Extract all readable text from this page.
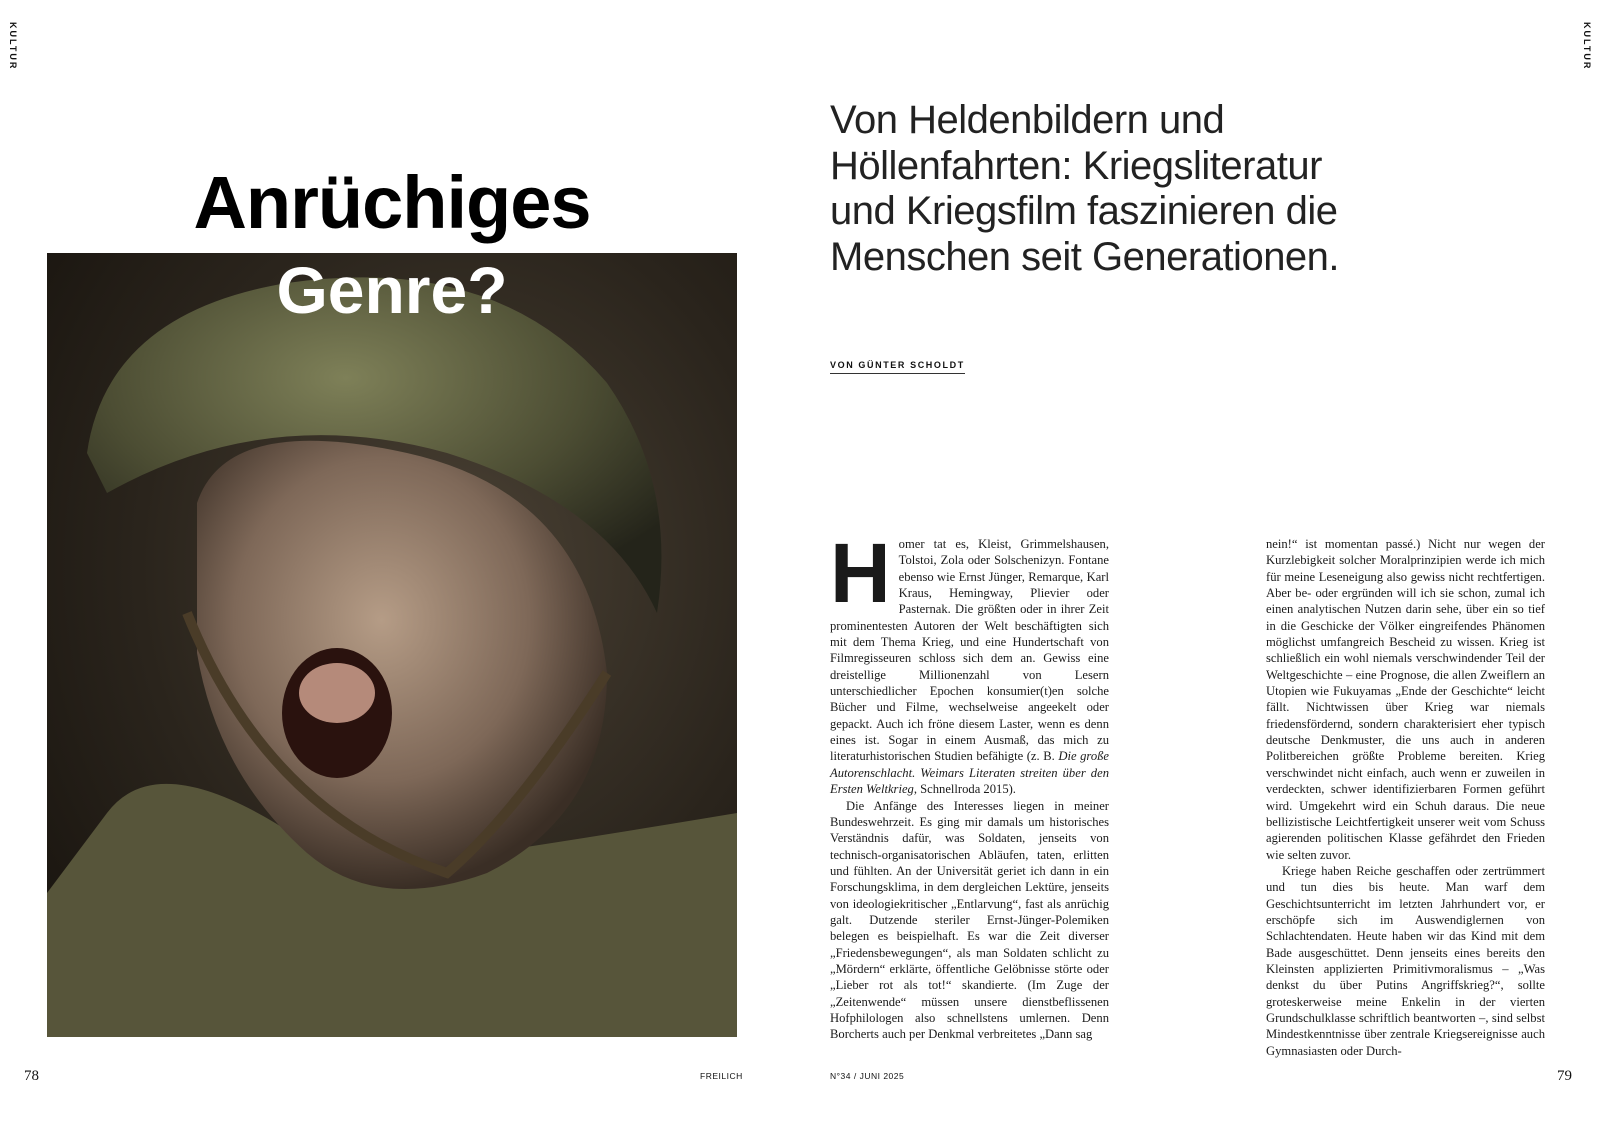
KULTUR	KULTUR
Anrüchiges
Genre?
Von Heldenbildern und Höllenfahrten: Kriegsliteratur und Kriegsfilm faszinieren die Menschen seit Generationen.
VON GÜNTER SCHOLDT

Homer tat es, Kleist, Grimmelshausen, Tolstoi, Zola oder Solschenizyn. Fontane ebenso wie Ernst Jünger, Remarque, Karl Kraus, Hemingway, Plievier oder Pasternak. Die größten oder in ihrer Zeit prominentesten Autoren der Welt beschäftigten sich mit dem Thema Krieg, und eine Hundertschaft von Filmregisseuren schloss sich dem an. Gewiss eine dreistellige Millionenzahl von Lesern unterschiedlicher Epochen konsumier(t)en solche Bücher und Filme, wechselweise angeekelt oder gepackt. Auch ich fröne diesem Laster, wenn es denn eines ist. Sogar in einem Ausmaß, das mich zu literaturhistorischen Studien befähigte (z. B. Die große Autorenschlacht. Weimars Literaten streiten über den Ersten Weltkrieg, Schnellroda 2015).

Die Anfänge des Interesses liegen in meiner Bundeswehrzeit. Es ging mir damals um historisches Verständnis dafür, was Soldaten, jenseits von technisch-organisatorischen Abläufen, taten, erlitten und fühlten. An der Universität geriet ich dann in ein Forschungsklima, in dem dergleichen Lektüre, jenseits von ideologiekritischer „Entlarvung“, fast als anrüchig galt. Dutzende steriler Ernst-Jünger-Polemiken belegen es beispielhaft. Es war die Zeit diverser „Friedensbewegungen“, als man Soldaten schlicht zu „Mördern“ erklärte, öffentliche Gelöbnisse störte oder „Lieber rot als tot!“ skandierte. (Im Zuge der „Zeitenwende“ müssen unsere dienstbeflissenen Hofphilologen also schnellstens umlernen. Denn Borcherts auch per Denkmal verbreitetes „Dann sag

nein!“ ist momentan passé.) Nicht nur wegen der Kurzlebigkeit solcher Moralprinzipien werde ich mich für meine Leseneigung also gewiss nicht rechtfertigen. Aber be- oder ergründen will ich sie schon, zumal ich einen analytischen Nutzen darin sehe, über ein so tief in die Geschicke der Völker eingreifendes Phänomen möglichst umfangreich Bescheid zu wissen. Krieg ist schließlich ein wohl niemals verschwindender Teil der Weltgeschichte – eine Prognose, die allen Zweiflern an Utopien wie Fukuyamas „Ende der Geschichte“ leicht fällt. Nichtwissen über Krieg war niemals friedensfördernd, sondern charakterisiert eher typisch deutsche Denkmuster, die uns auch in anderen Politbereichen größte Probleme bereiten. Krieg verschwindet nicht einfach, auch wenn er zuweilen in verdeckten, schwer identifizierbaren Formen geführt wird. Umgekehrt wird ein Schuh daraus. Die neue bellizistische Leichtfertigkeit unserer weit vom Schuss agierenden politischen Klasse gefährdet den Frieden wie selten zuvor.

Kriege haben Reiche geschaffen oder zertrümmert und tun dies bis heute. Man warf dem Geschichtsunterricht im letzten Jahrhundert vor, er erschöpfe sich im Auswendiglernen von Schlachtendaten. Heute haben wir das Kind mit dem Bade ausgeschüttet. Denn jenseits eines bereits den Kleinsten applizierten Primitivmoralismus – „Was denkst du über Putins Angriffskrieg?“, sollte groteskerweise meine Enkelin in der vierten Grundschulklasse schriftlich beantworten –, sind selbst Mindestkenntnisse über zentrale Kriegsereignisse auch Gymnasiasten oder Durch-

78	FREILICH	N°34 / JUNI 2025	79
